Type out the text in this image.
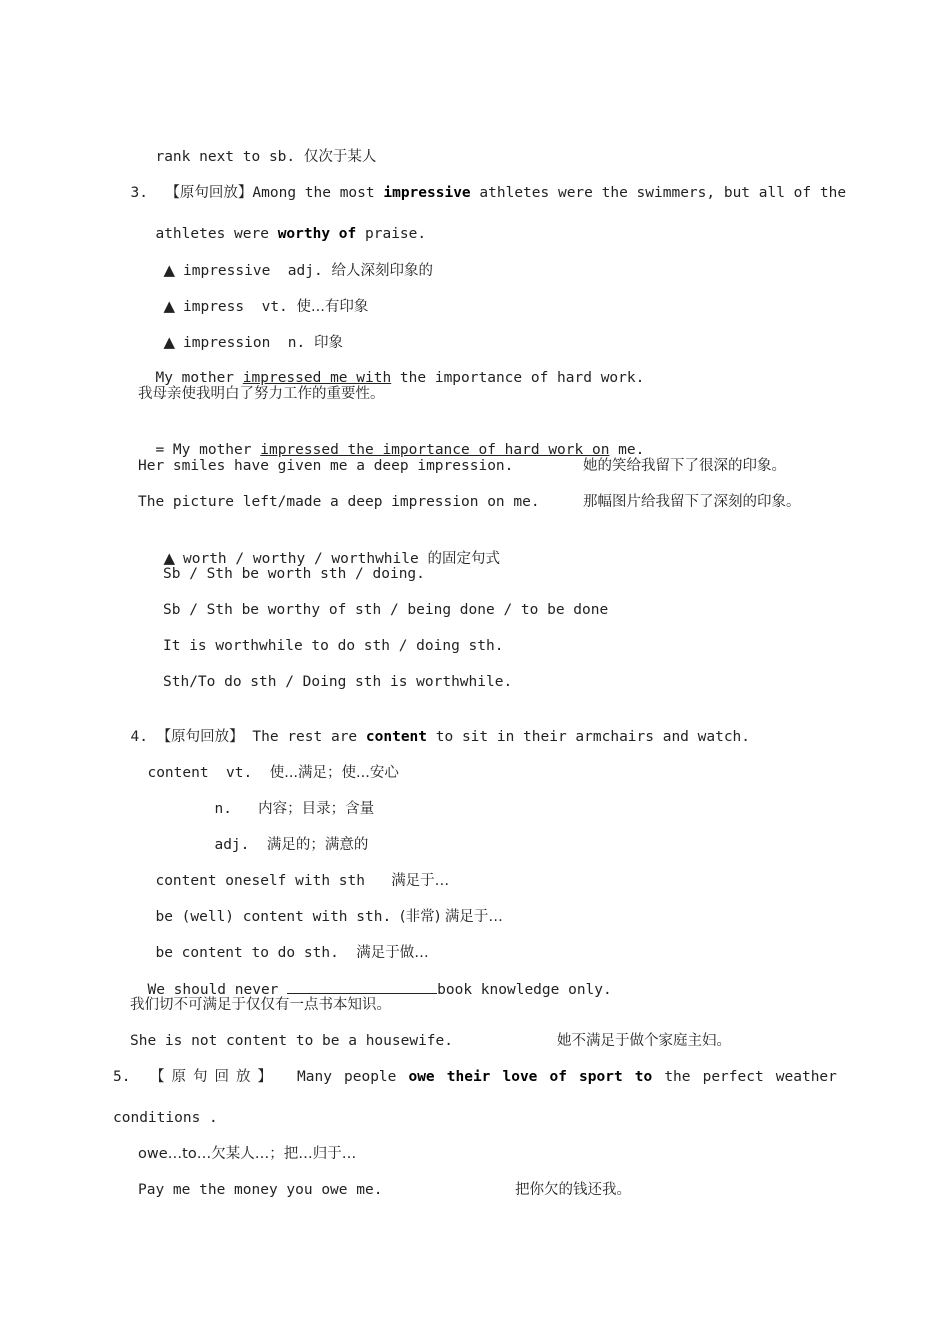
rank next to sb. 仅次于某人

3. 【原句回放】Among the most impressive athletes were the swimmers, but all of the

athletes were worthy of praise.

▲ impressive adj. 给人深刻印象的

▲ impress vt. 使...有印象

▲ impression n. 印象

My mother impressed me with the importance of hard work.

我母亲使我明白了努力工作的重要性。

= My mother impressed the importance of hard work on me.

Her smiles have given me a deep impression.	她的笑给我留下了很深的印象。
The picture left/made a deep impression on me.	那幅图片给我留下了深刻的印象。

▲ worth / worthy / worthwhile 的固定句式

Sb / Sth be worth sth / doing.
Sb / Sth be worthy of sth / being done / to be done
It is worthwhile to do sth / doing sth.
Sth/To do sth / Doing sth is worthwhile.

4. 【原句回放】 The rest are content to sit in their armchairs and watch.

content vt. 使...满足；使...安心

n. 内容；目录；含量

adj. 满足的；满意的

content oneself with sth 满足于…

be (well) content with sth. (非常) 满足于…

be content to do sth. 满足于做…

We should never	book knowledge only.

我们切不可满足于仅仅有一点书本知识。
She is not content to be a housewife.	她不满足于做个家庭主妇。
5. 【 原 句 回 放 】 Many people owe their love of sport to the perfect weather
conditions .
owe…to…欠某人…；把…归于…
Pay me the money you owe me.	把你欠的钱还我。
